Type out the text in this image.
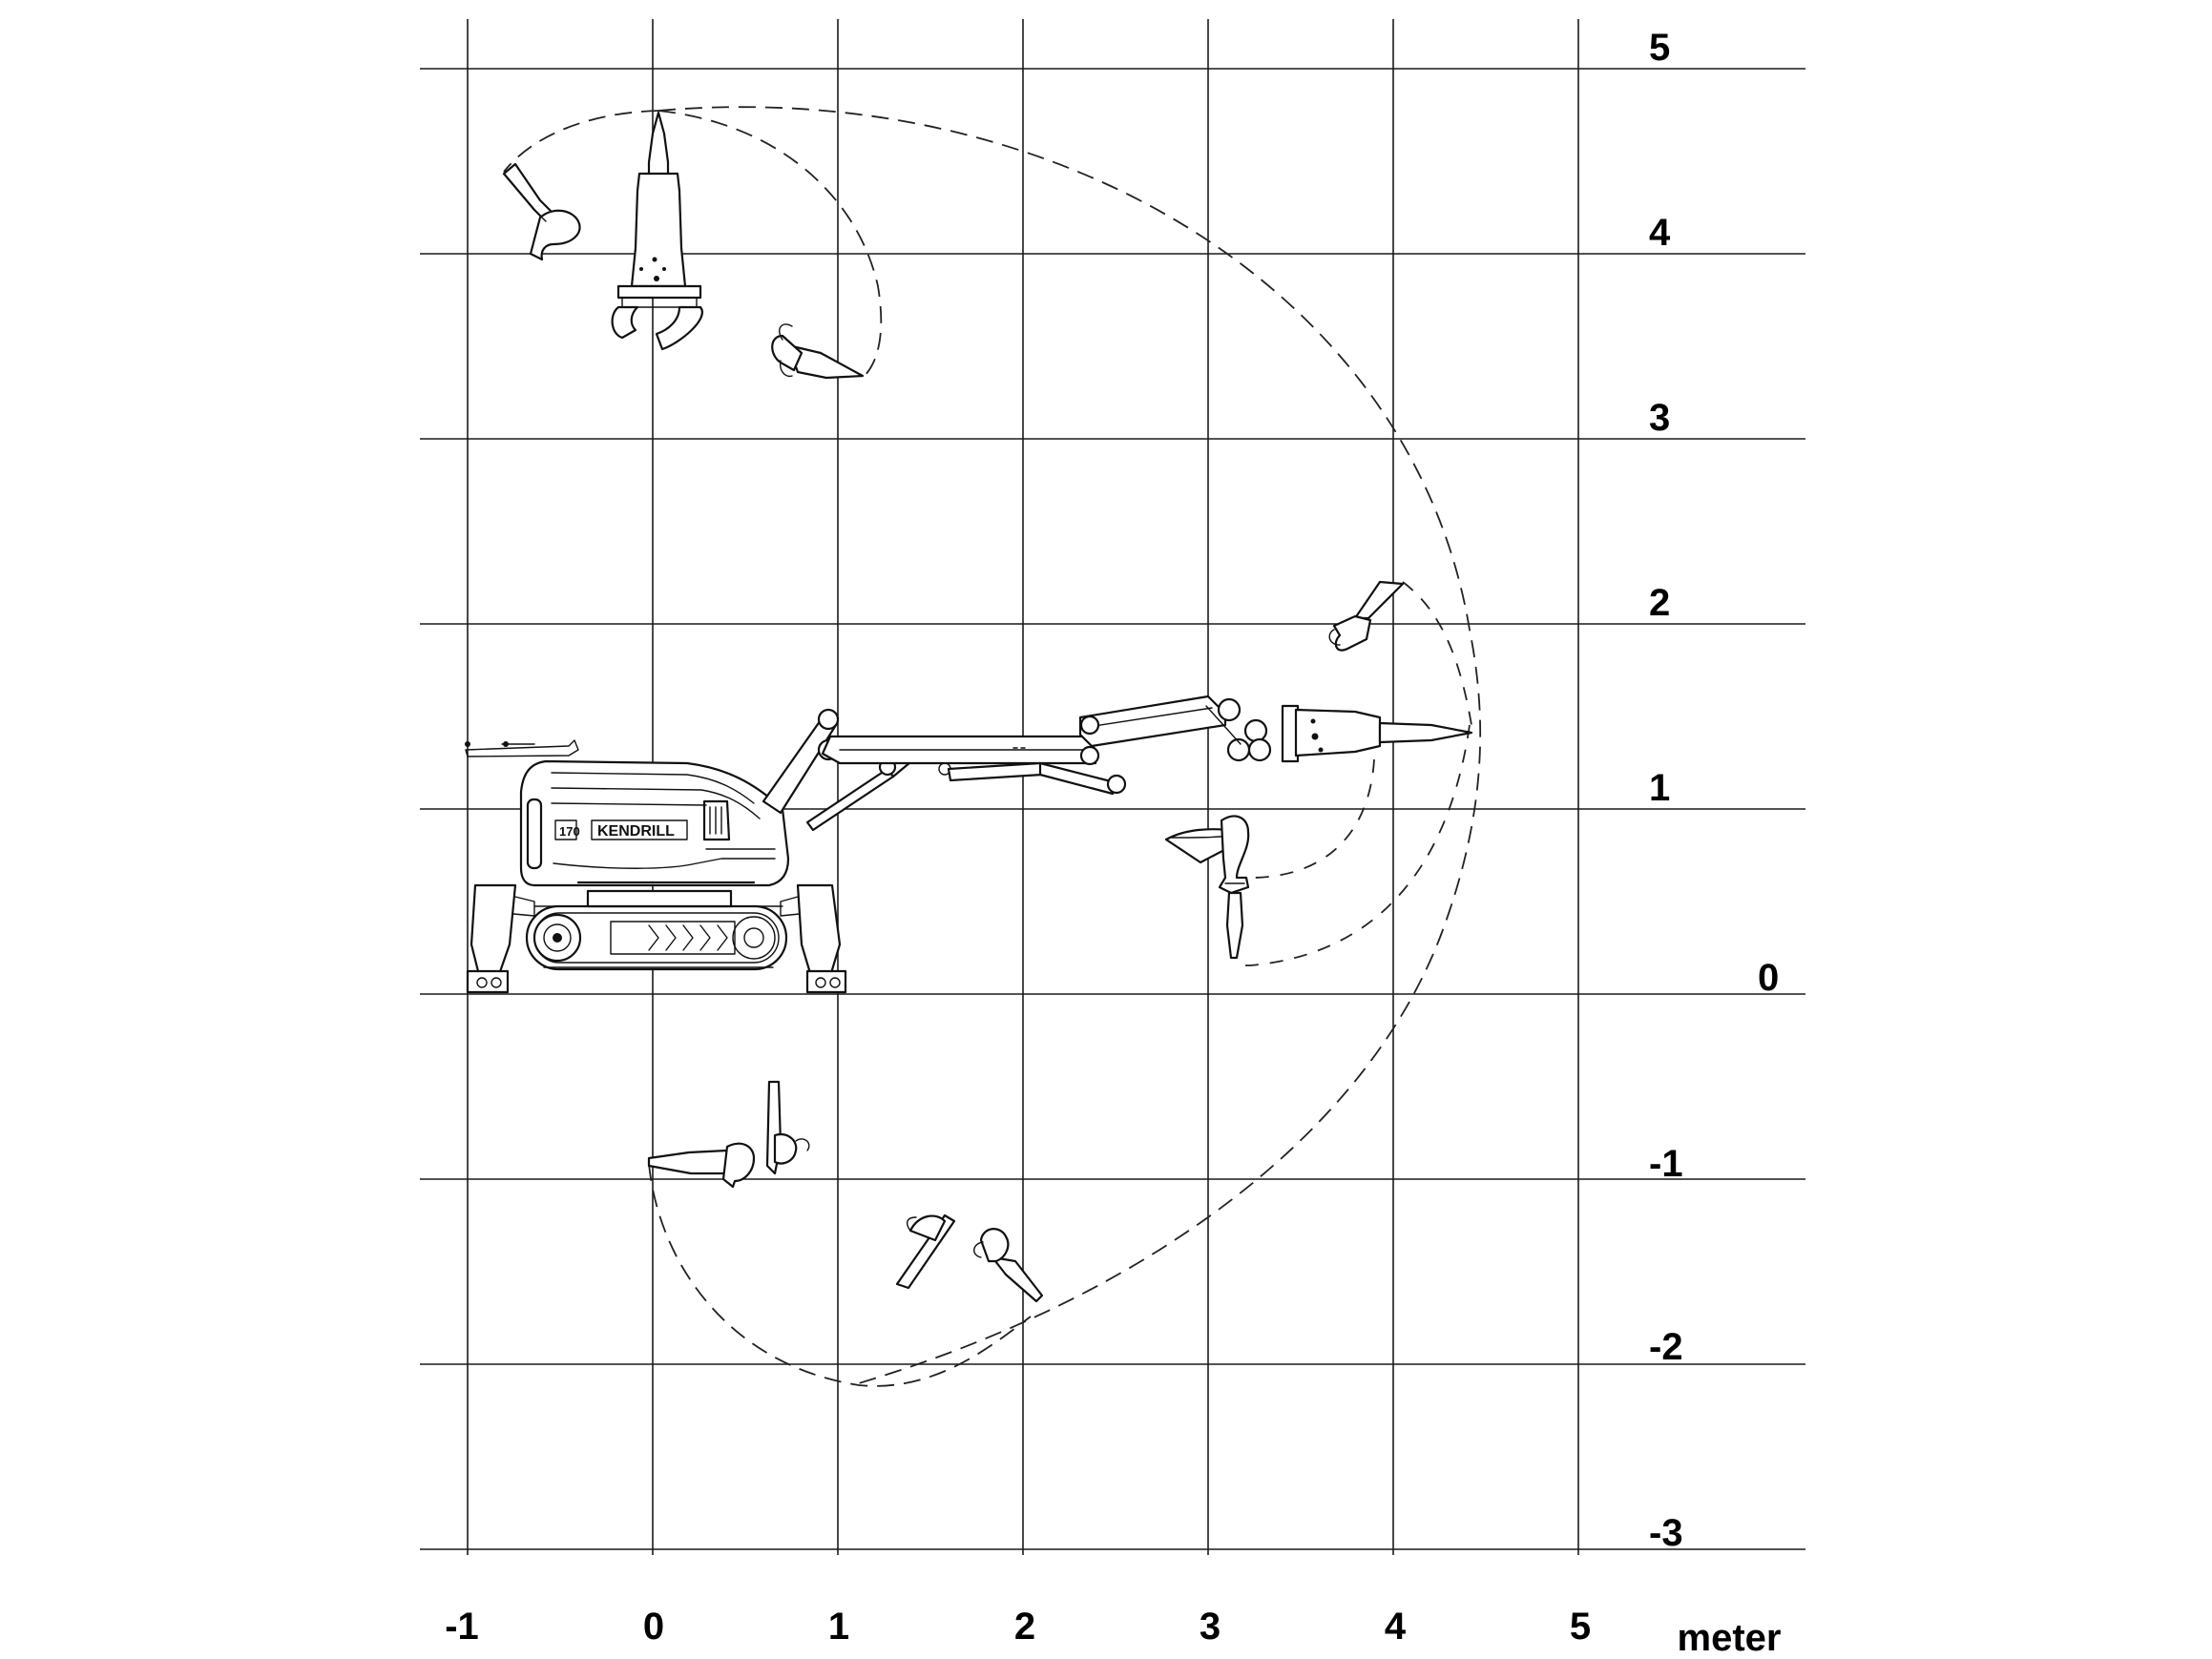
5
4
3
2
1
0
-1
-2
-3
-1	0	1	2	3	4	5 meter
170 KENDRILL
